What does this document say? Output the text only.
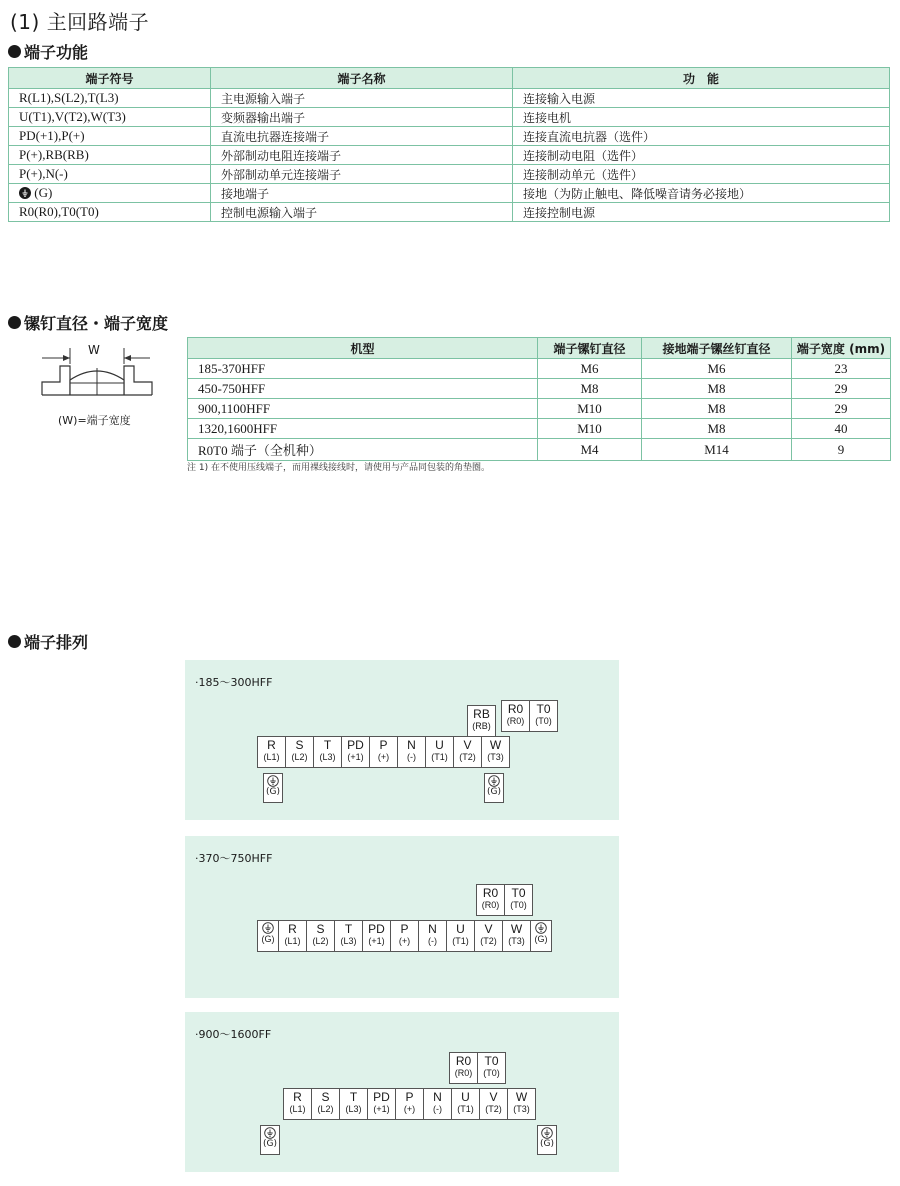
(1) 主回路端子
端子功能
端子符号	端子名称	功　能
R(L1),S(L2),T(L3)	主电源输入端子	连接输入电源
U(T1),V(T2),W(T3)	变频器输出端子	连接电机
PD(+1),P(+)	直流电抗器连接端子	连接直流电抗器（选件）
P(+),RB(RB)	外部制动电阻连接端子	连接制动电阻（选件）
P(+),N(-)	外部制动单元连接端子	连接制动单元（选件）
(G)	接地端子	接地（为防止触电、降低噪音请务必接地）
R0(R0),T0(T0)	控制电源输入端子	连接控制电源
镙钉直径・端子宽度
W
(W)=端子宽度
机型	端子镙钉直径	接地端子镙丝钉直径	端子宽度 (mm)
185-370HFF	M6	M6	23
450-750HFF	M8	M8	29
900,1100HFF	M10	M8	29
1320,1600HFF	M10	M8	40
R0T0 端子（全机种）	M4	M14	9
注 1) 在不使用压线端子，而用裸线接线时，请使用与产品同包装的角垫圈。
端子排列
·185～300HFF
RB
(RB)
R0
(R0)
T0
(T0)
R
(L1)
S
(L2)
T
(L3)
PD
(+1)
P
(+)
N
(-)
U
(T1)
V
(T2)
W
(T3)
(G)	(G)
·370～750HFF
R0
(R0)
T0
(T0)
(G)
R
(L1)
S
(L2)
T
(L3)
PD
(+1)
P
(+)
N
(-)
U
(T1)
V
(T2)
W
(T3)	(G)
·900～1600FF
R0
(R0)
T0
(T0)
R
(L1)
S
(L2)
T
(L3)
PD
(+1)
P
(+)
N
(-)
U
(T1)
V
(T2)
W
(T3)
(G)	(G)
